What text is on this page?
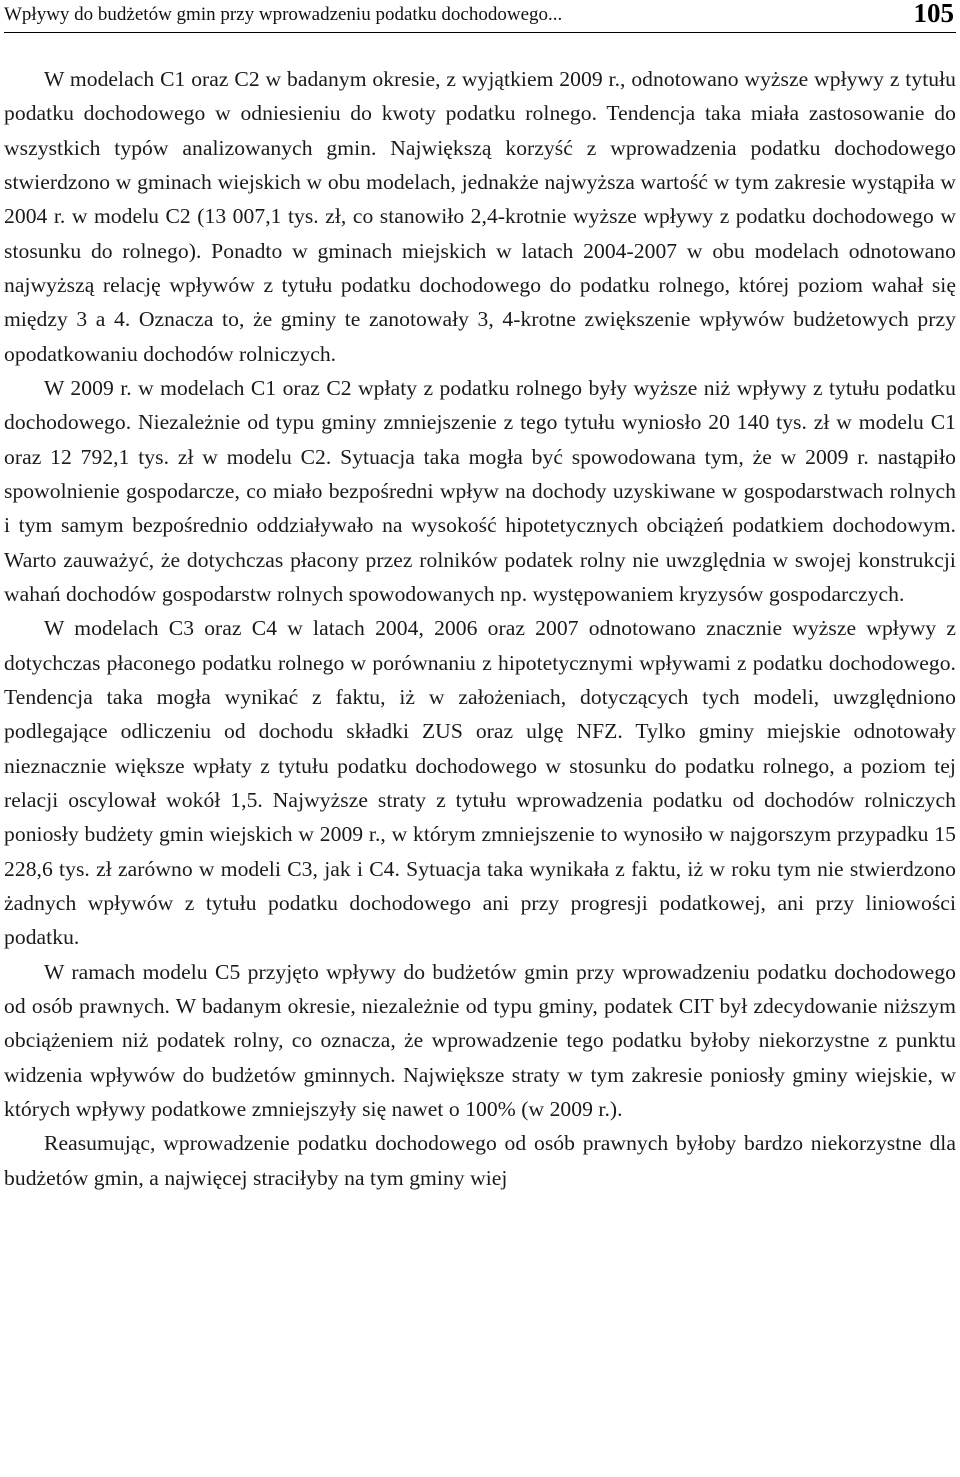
Wpływy do budżetów gmin przy wprowadzeniu podatku dochodowego...	105

W modelach C1 oraz C2 w badanym okresie, z wyjątkiem 2009 r., odnotowano wyższe wpływy z tytułu podatku dochodowego w odniesieniu do kwoty podatku rolnego. Tendencja taka miała zastosowanie do wszystkich typów analizowanych gmin. Największą korzyść z wprowadzenia podatku dochodowego stwierdzono w gminach wiejskich w obu modelach, jednakże najwyższa wartość w tym zakresie wystąpiła w 2004 r. w modelu C2 (13 007,1 tys. zł, co stanowiło 2,4-krotnie wyższe wpływy z podatku dochodowego w stosunku do rolnego). Ponadto w gminach miejskich w latach 2004-2007 w obu modelach odnotowano najwyższą relację wpływów z tytułu podatku dochodowego do podatku rolnego, której poziom wahał się między 3 a 4. Oznacza to, że gminy te zanotowały 3, 4-krotne zwiększenie wpływów budżetowych przy opodatkowaniu dochodów rolniczych.

W 2009 r. w modelach C1 oraz C2 wpłaty z podatku rolnego były wyższe niż wpływy z tytułu podatku dochodowego. Niezależnie od typu gminy zmniejszenie z tego tytułu wyniosło 20 140 tys. zł w modelu C1 oraz 12 792,1 tys. zł w modelu C2. Sytuacja taka mogła być spowodowana tym, że w 2009 r. nastąpiło spowolnienie gospodarcze, co miało bezpośredni wpływ na dochody uzyskiwane w gospodarstwach rolnych i tym samym bezpośrednio oddziaływało na wysokość hipotetycznych obciążeń podatkiem dochodowym. Warto zauważyć, że dotychczas płacony przez rolników podatek rolny nie uwzględnia w swojej konstrukcji wahań dochodów gospodarstw rolnych spowodowanych np. występowaniem kryzysów gospodarczych.

W modelach C3 oraz C4 w latach 2004, 2006 oraz 2007 odnotowano znacznie wyższe wpływy z dotychczas płaconego podatku rolnego w porównaniu z hipotetycznymi wpływami z podatku dochodowego. Tendencja taka mogła wynikać z faktu, iż w założeniach, dotyczących tych modeli, uwzględniono podlegające odliczeniu od dochodu składki ZUS oraz ulgę NFZ. Tylko gminy miejskie odnotowały nieznacznie większe wpłaty z tytułu podatku dochodowego w stosunku do podatku rolnego, a poziom tej relacji oscylował wokół 1,5. Najwyższe straty z tytułu wprowadzenia podatku od dochodów rolniczych poniosły budżety gmin wiejskich w 2009 r., w którym zmniejszenie to wynosiło w najgorszym przypadku 15 228,6 tys. zł zarówno w modeli C3, jak i C4. Sytuacja taka wynikała z faktu, iż w roku tym nie stwierdzono żadnych wpływów z tytułu podatku dochodowego ani przy progresji podatkowej, ani przy liniowości podatku.

W ramach modelu C5 przyjęto wpływy do budżetów gmin przy wprowadzeniu podatku dochodowego od osób prawnych. W badanym okresie, niezależnie od typu gminy, podatek CIT był zdecydowanie niższym obciążeniem niż podatek rolny, co oznacza, że wprowadzenie tego podatku byłoby niekorzystne z punktu widzenia wpływów do budżetów gminnych. Największe straty w tym zakresie poniosły gminy wiejskie, w których wpływy podatkowe zmniejszyły się nawet o 100% (w 2009 r.).

Reasumując, wprowadzenie podatku dochodowego od osób prawnych byłoby bardzo niekorzystne dla budżetów gmin, a najwięcej straciłyby na tym gminy wiej
